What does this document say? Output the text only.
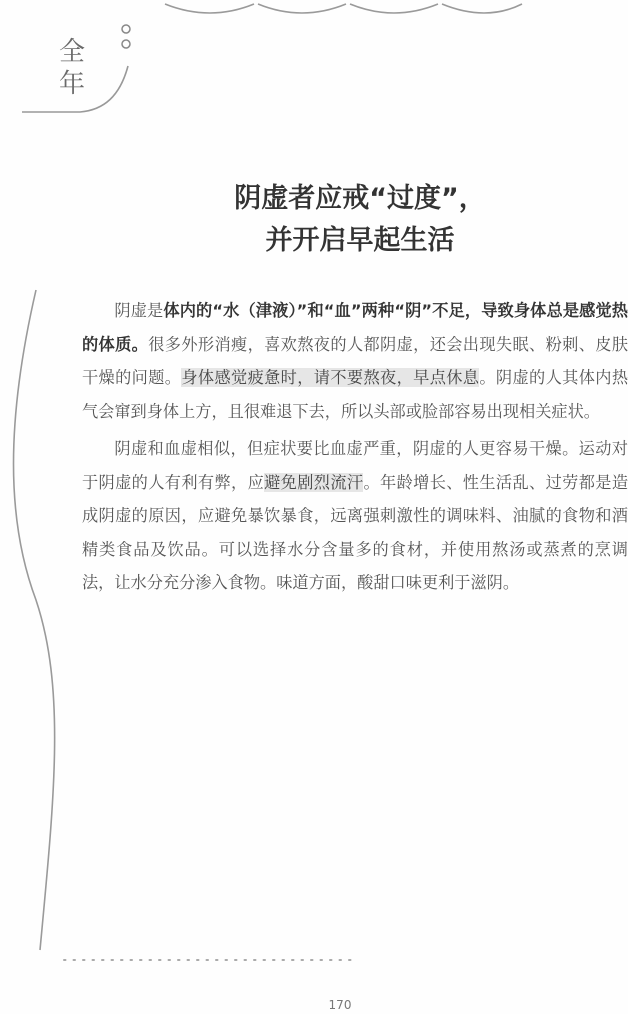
全
年
阴虚者应戒“过度”，
并开启早起生活

阴虚是体内的“水（津液）”和“血”两种“阴”不足，导致身体总是感觉热的体质。很多外形消瘦，喜欢熬夜的人都阴虚，还会出现失眠、粉刺、皮肤干燥的问题。身体感觉疲惫时，请不要熬夜，早点休息。阴虚的人其体内热气会窜到身体上方，且很难退下去，所以头部或脸部容易出现相关症状。

阴虚和血虚相似，但症状要比血虚严重，阴虚的人更容易干燥。运动对于阴虚的人有利有弊，应避免剧烈流汗。年龄增长、性生活乱、过劳都是造成阴虚的原因，应避免暴饮暴食，远离强刺激性的调味料、油腻的食物和酒精类食品及饮品。可以选择水分含量多的食材，并使用熬汤或蒸煮的烹调法，让水分充分渗入食物。味道方面，酸甜口味更利于滋阴。

170
